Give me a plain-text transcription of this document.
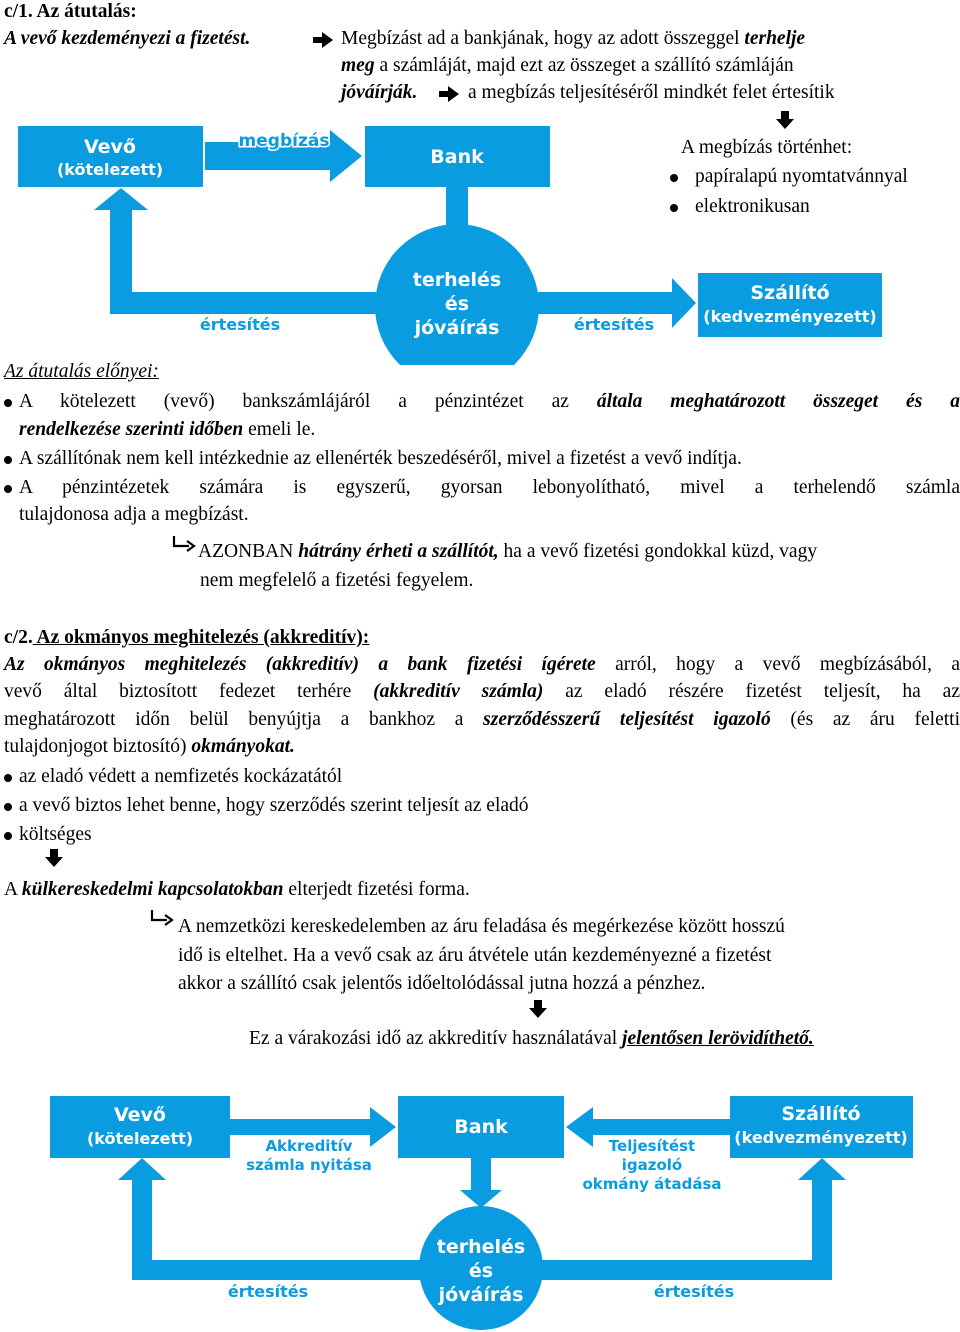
c/1. Az átutalás:
A vevő kezdeményezi a fizetést.	Megbízást ad a bankjának, hogy az adott összeggel terhelje
meg a számláját, majd ezt az összeget a szállító számláján
jóváírják.	a megbízás teljesítéséről mindkét felet értesítik
Vevő
(kötelezett)
megbízás
Bank
terhelés
és
jóváírás
értesítés	értesítés
Szállító
(kedvezményezett)
A megbízás történhet:
papíralapú nyomtatvánnyal
elektronikusan
Az átutalás előnyei:
A kötelezett (vevő) bankszámlájáról a pénzintézet az általa meghatározott összeget és a
rendelkezése szerinti időben emeli le.
A szállítónak nem kell intézkednie az ellenérték beszedéséről, mivel a fizetést a vevő indítja.
A pénzintézetek számára is egyszerű, gyorsan lebonyolítható, mivel a terhelendő számla
tulajdonosa adja a megbízást.
AZONBAN hátrány érheti a szállítót, ha a vevő fizetési gondokkal küzd, vagy
nem megfelelő a fizetési fegyelem.
c/2. Az okmányos meghitelezés (akkreditív):
Az okmányos meghitelezés (akkreditív) a bank fizetési ígérete arról, hogy a vevő megbízásából, a
vevő által biztosított fedezet terhére (akkreditív számla) az eladó részére fizetést teljesít, ha az
meghatározott időn belül benyújtja a bankhoz a szerződésszerű teljesítést igazoló (és az áru feletti
tulajdonjogot biztosító) okmányokat.
az eladó védett a nemfizetés kockázatától
a vevő biztos lehet benne, hogy szerződés szerint teljesít az eladó
költséges
A külkereskedelmi kapcsolatokban elterjedt fizetési forma.
A nemzetközi kereskedelemben az áru feladása és megérkezése között hosszú
idő is eltelhet. Ha a vevő csak az áru átvétele után kezdeményezné a fizetést
akkor a szállító csak jelentős időeltolódással jutna hozzá a pénzhez.
Ez a várakozási idő az akkreditív használatával jelentősen lerövidíthető.
Vevő
(kötelezett)	Akkreditív
számla nyitása
Bank
Teljesítést
igazoló
okmány átadása
Szállító
(kedvezményezett)
terhelés
és
jóváírás
értesítés	értesítés
